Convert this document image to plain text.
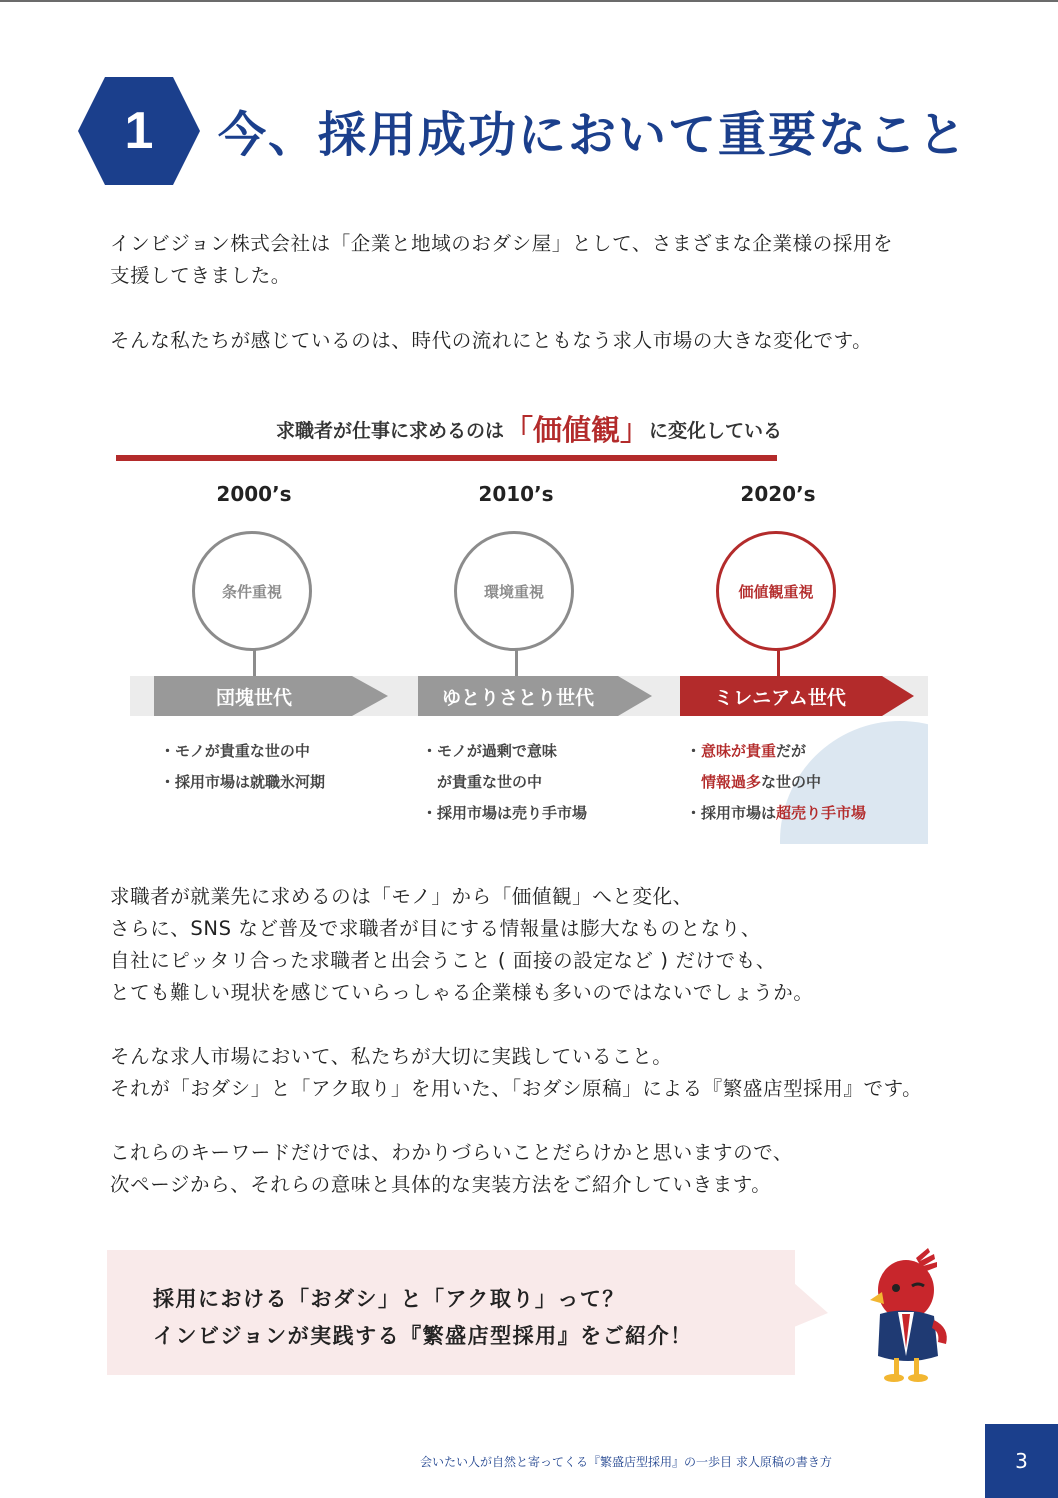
1	今、採用成功において重要なこと
インビジョン株式会社は「企業と地域のおダシ屋」として、さまざまな企業様の採用を
支援してきました。
そんな私たちが感じているのは、時代の流れにともなう求人市場の大きな変化です。
求職者が仕事に求めるのは「価値観」に変化している
2000’s
条件重視
2010’s
環境重視
2020’s
価値観重視
団塊世代	ゆとりさとり世代	ミレニアム世代
・モノが貴重な世の中
・採用市場は就職氷河期
・モノが過剰で意味
　が貴重な世の中
・採用市場は売り手市場
・意味が貴重だが
　情報過多な世の中
・採用市場は超売り手市場
求職者が就業先に求めるのは「モノ」から「価値観」へと変化、
さらに、SNS など普及で求職者が目にする情報量は膨大なものとなり、
自社にピッタリ合った求職者と出会うこと ( 面接の設定など ) だけでも、
とても難しい現状を感じていらっしゃる企業様も多いのではないでしょうか。
そんな求人市場において、私たちが大切に実践していること。
それが「おダシ」と「アク取り」を用いた、「おダシ原稿」による『繁盛店型採用』です。
これらのキーワードだけでは、わかりづらいことだらけかと思いますので、
次ページから、それらの意味と具体的な実装方法をご紹介していきます。
採用における「おダシ」と「アク取り」って？
インビジョンが実践する『繁盛店型採用』をご紹介！
会いたい人が自然と寄ってくる『繁盛店型採用』の一歩目 求人原稿の書き方	3
